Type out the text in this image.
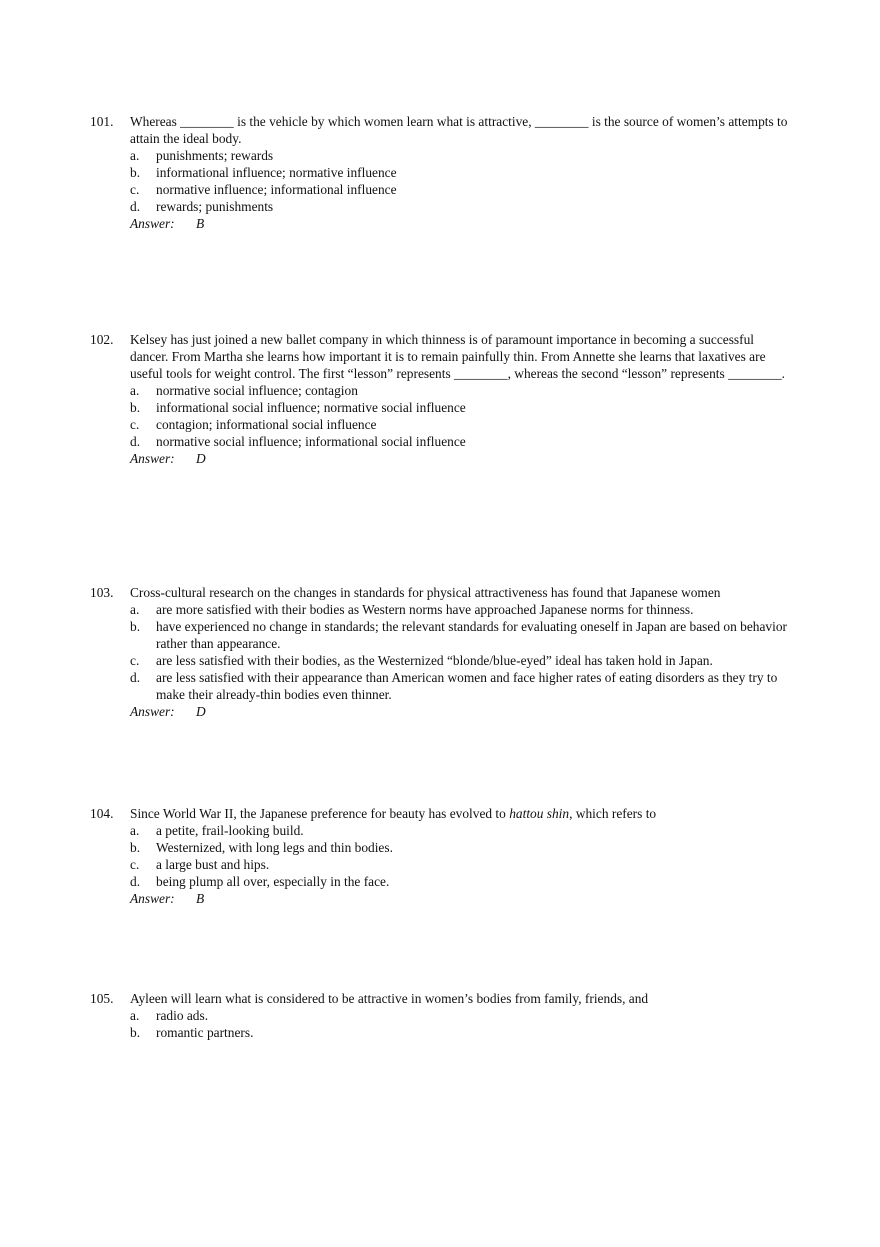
101.	Whereas ________ is the vehicle by which women learn what is attractive, ________ is the source of women’s attempts to attain the ideal body.
a.	punishments; rewards
b.	informational influence; normative influence
c.	normative influence; informational influence
d.	rewards; punishments
Answer: B
102.	Kelsey has just joined a new ballet company in which thinness is of paramount importance in becoming a successful dancer. From Martha she learns how important it is to remain painfully thin. From Annette she learns that laxatives are useful tools for weight control. The first “lesson” represents ________, whereas the second “lesson” represents ________.
a.	normative social influence; contagion
b.	informational social influence; normative social influence
c.	contagion; informational social influence
d.	normative social influence; informational social influence
Answer: D
103.	Cross-cultural research on the changes in standards for physical attractiveness has found that Japanese women
a.	are more satisfied with their bodies as Western norms have approached Japanese norms for thinness.
b.	have experienced no change in standards; the relevant standards for evaluating oneself in Japan are based on behavior rather than appearance.
c.	are less satisfied with their bodies, as the Westernized “blonde/blue-eyed” ideal has taken hold in Japan.
d.	are less satisfied with their appearance than American women and face higher rates of eating disorders as they try to make their already-thin bodies even thinner.
Answer: D
104.	Since World War II, the Japanese preference for beauty has evolved to hattou shin, which refers to
a.	a petite, frail-looking build.
b.	Westernized, with long legs and thin bodies.
c.	a large bust and hips.
d.	being plump all over, especially in the face.
Answer: B
105.	Ayleen will learn what is considered to be attractive in women’s bodies from family, friends, and
a.	radio ads.
b.	romantic partners.
